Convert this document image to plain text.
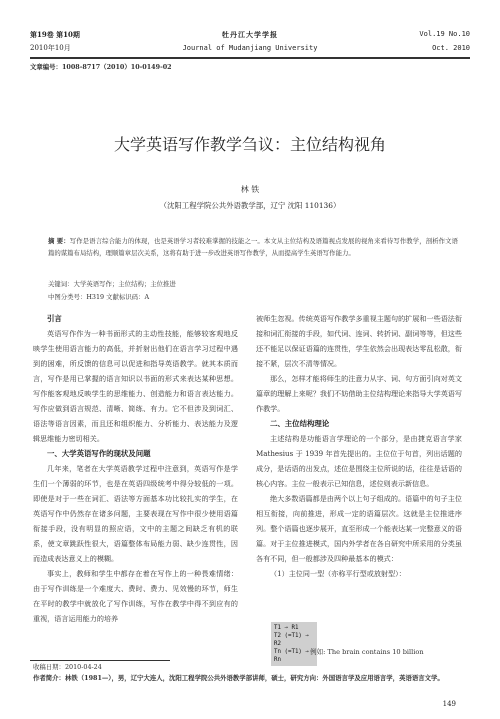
第19卷 第10期
2010年10月
牡丹江大学学报
Journal of Mudanjiang University
Vol.19 No.10
Oct. 2010
文章编号：1008-8717（2010）10-0149-02
大学英语写作教学刍议：主位结构视角
林 铁
（沈阳工程学院公共外语教学部，辽宁 沈阳 110136）
摘 要：写作是语言综合能力的体现，也是英语学习者较难掌握的技能之一。本文从主位结构及语篇视点发展的视角来看待写作教学，剖析作文语篇的谋篇布局结构，理顺篇章层次关系，这将有助于进一步改进英语写作教学，从而提高学生英语写作能力。
关键词：大学英语写作；主位结构；主位推进
中图分类号：H319 文献标识码：A
引言

英语写作作为一种书面形式的主动性技能，能够较客观地反映学生使用语言能力的高低，并折射出他们在语言学习过程中遇到的困难，所反馈的信息可以促进和指导英语教学。就其本质而言，写作是用已掌握的语言知识以书面的形式来表达某种思想。写作能客观地反映学生的思维能力、创造能力和语言表达能力。写作应做到语言规范、清晰、简练、有力。它不但涉及到词汇、语法等语言因素，而且还和组织能力、分析能力、表达能力及逻辑思维能力密切相关。

一、大学英语写作的现状及问题

几年来，笔者在大学英语教学过程中注意到，英语写作是学生们一个薄弱的环节，也是在英语四级统考中得分较低的一项。即使是对于一些在词汇、语法等方面基本功比较扎实的学生，在英语写作中仍然存在诸多问题，主要表现在写作中很少使用语篇衔接手段，没有明显的照应语，文中的主题之间缺乏有机的联系，使文章跳跃性很大，语篇整体布局能力弱、缺少连贯性，因而造成表达意义上的模糊。

事实上，教师和学生中都存在着在写作上的一种畏难情绪：由于写作训练是一个难度大、费时、费力、见效慢的环节，师生在平时的教学中就放化了写作训练，写作在教学中得不到应有的重视，语言运用能力的培养

被师生忽视。传统英语写作教学多重视主题句的扩展和一些语法衔接和词汇衔接的手段，如代词、连词、转折词、副词等等，但这些还不能足以保证语篇的连贯性，学生依然会出现表达零乱松散，衔接不紧，层次不清等情况。

那么，怎样才能将师生的注意力从字、词、句方面引向对英文篇章的理解上来呢？我们不妨借助主位结构理论来指导大学英语写作教学。

二、主位结构理论

主述结构是功能语言学理论的一个部分，是由捷克语言学家 Mathesius 于 1939 年首先提出的。主位位于句首，列出话题的成分，是话语的出发点，述位是围绕主位所说的话，往往是话语的核心内容。主位一般表示已知信息，述位则表示新信息。

绝大多数语篇都是由两个以上句子组成的。语篇中的句子主位相互衔接，向前推进，形成一定的语篇层次。这就是主位推进序列。整个语篇也逐步展开，直至形成一个能表达某一完整意义的语篇。对于主位推进模式，国内外学者在各自研究中所采用的分类虽各有不同，但一般都涉及四种最基本的模式：

（1）主位同一型（亦称平行型或放射型）：

T1 → R1
T2 (=T1) → R2
Tn (=T1) → Rn
例如: The brain contains 10 billion
收稿日期：2010-04-24
作者简介：林铁（1981—），男，辽宁大连人，沈阳工程学院公共外语教学部讲师，硕士，研究方向：外国语言学及应用语言学，英语语言文学。
149
